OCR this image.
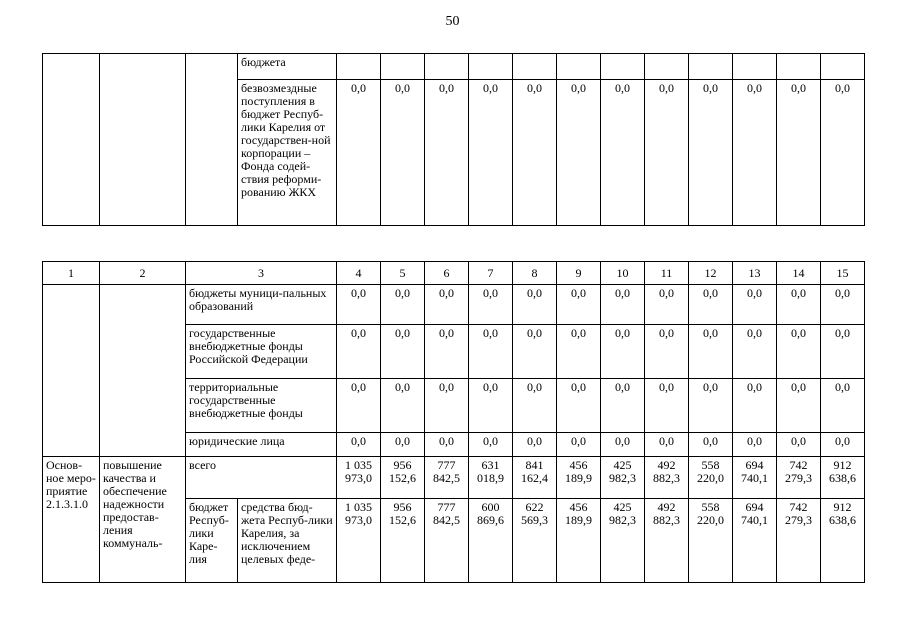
50
			бюджета												
			безвозмездные поступления в бюджет Респуб-лики Карелия от государствен-ной корпорации – Фонда содей-ствия реформи-рованию ЖКХ	0,0	0,0	0,0	0,0	0,0	0,0	0,0	0,0	0,0	0,0	0,0	0,0
1	2	3		4	5	6	7	8	9	10	11	12	13	14	15
		бюджеты муници-пальных образований		0,0	0,0	0,0	0,0	0,0	0,0	0,0	0,0	0,0	0,0	0,0	0,0
		государственные внебюджетные фонды Российской Федерации		0,0	0,0	0,0	0,0	0,0	0,0	0,0	0,0	0,0	0,0	0,0	0,0
		территориальные государственные внебюджетные фонды		0,0	0,0	0,0	0,0	0,0	0,0	0,0	0,0	0,0	0,0	0,0	0,0
		юридические лица		0,0	0,0	0,0	0,0	0,0	0,0	0,0	0,0	0,0	0,0	0,0	0,0
Основ-ное меро-приятие 2.1.3.1.0	повышение качества и обеспечение надежности предостав-ления коммуналь-	всего		1 035 973,0	956 152,6	777 842,5	631 018,9	841 162,4	456 189,9	425 982,3	492 882,3	558 220,0	694 740,1	742 279,3	912 638,6
		бюджет Респуб-лики Каре-лия	средства бюд-жета Респуб-лики Карелия, за исключением целевых феде-	1 035 973,0	956 152,6	777 842,5	600 869,6	622 569,3	456 189,9	425 982,3	492 882,3	558 220,0	694 740,1	742 279,3	912 638,6
